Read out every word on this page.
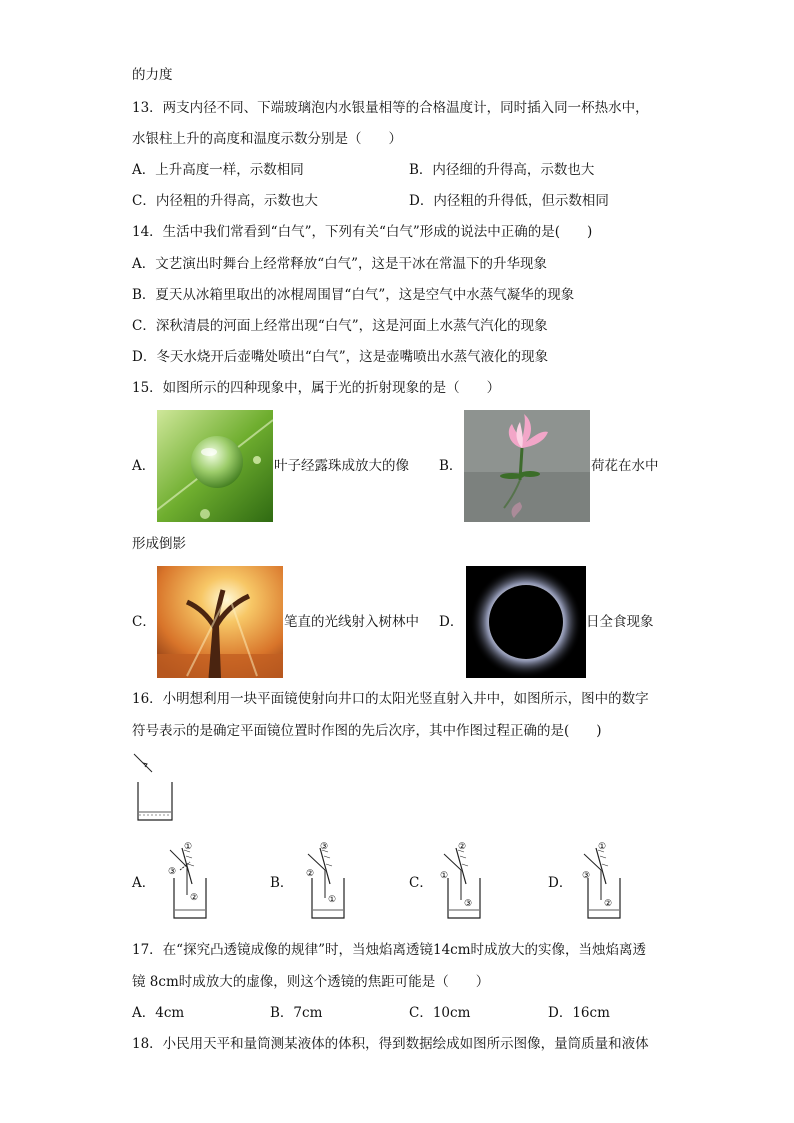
的力度
13．两支内径不同、下端玻璃泡内水银量相等的合格温度计，同时插入同一杯热水中，
水银柱上升的高度和温度示数分别是（　　）
A．上升高度一样，示数相同	B．内径细的升得高，示数也大
C．内径粗的升得高，示数也大	D．内径粗的升得低，但示数相同
14．生活中我们常看到“白气”，下列有关“白气”形成的说法中正确的是(　　)
A．文艺演出时舞台上经常释放“白气”，这是干冰在常温下的升华现象
B．夏天从冰箱里取出的冰棍周围冒“白气”，这是空气中水蒸气凝华的现象
C．深秋清晨的河面上经常出现“白气”，这是河面上水蒸气汽化的现象
D．冬天水烧开后壶嘴处喷出“白气”，这是壶嘴喷出水蒸气液化的现象
15．如图所示的四种现象中，属于光的折射现象的是（　　）
A．	叶子经露珠成放大的像 B．	荷花在水中
形成倒影
C．	笔直的光线射入树林中 D．	日全食现象
16．小明想利用一块平面镜使射向井口的太阳光竖直射入井中，如图所示，图中的数字
符号表示的是确定平面镜位置时作图的先后次序，其中作图过程正确的是(　　)
A．
①
③
②
B．
③
②
①
C．
②
①
③
D．
①
③
②
17．在“探究凸透镜成像的规律”时，当烛焰离透镜14cm时成放大的实像，当烛焰离透
镜 8cm时成放大的虚像，则这个透镜的焦距可能是（　　）
A．4cm	B．7cm	C．10cm	D．16cm
18．小民用天平和量筒测某液体的体积，得到数据绘成如图所示图像，量筒质量和液体
